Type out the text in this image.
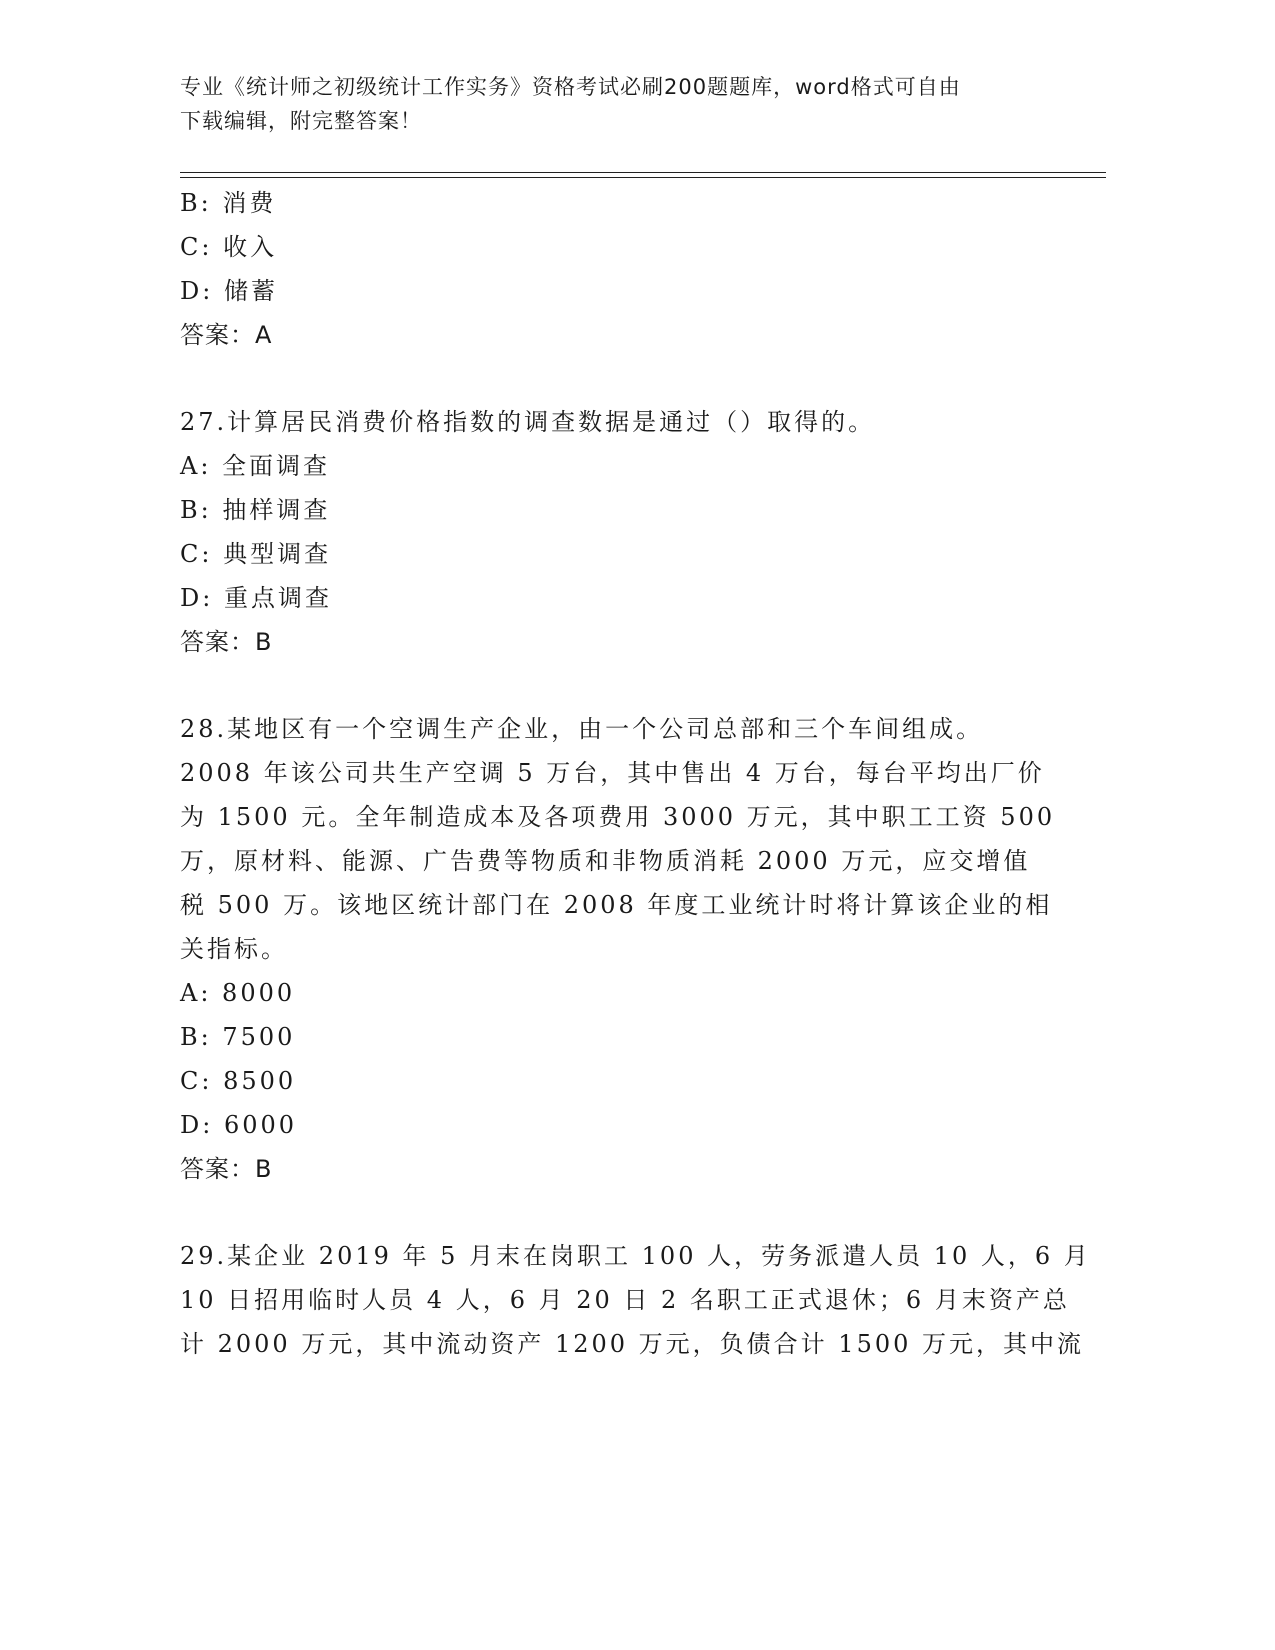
专业《统计师之初级统计工作实务》资格考试必刷200题题库，word格式可自由
下载编辑，附完整答案！
B: 消费
C: 收入
D: 储蓄
答案：A
27.计算居民消费价格指数的调查数据是通过（）取得的。
A: 全面调查
B: 抽样调查
C: 典型调查
D: 重点调查
答案：B
28.某地区有一个空调生产企业，由一个公司总部和三个车间组成。
2008 年该公司共生产空调 5 万台，其中售出 4 万台，每台平均出厂价
为 1500 元。全年制造成本及各项费用 3000 万元，其中职工工资 500
万，原材料、能源、广告费等物质和非物质消耗 2000 万元，应交增值
税 500 万。该地区统计部门在 2008 年度工业统计时将计算该企业的相
关指标。
A: 8000
B: 7500
C: 8500
D: 6000
答案：B
29.某企业 2019 年 5 月末在岗职工 100 人，劳务派遣人员 10 人，6 月
10 日招用临时人员 4 人，6 月 20 日 2 名职工正式退休；6 月末资产总
计 2000 万元，其中流动资产 1200 万元，负债合计 1500 万元，其中流
